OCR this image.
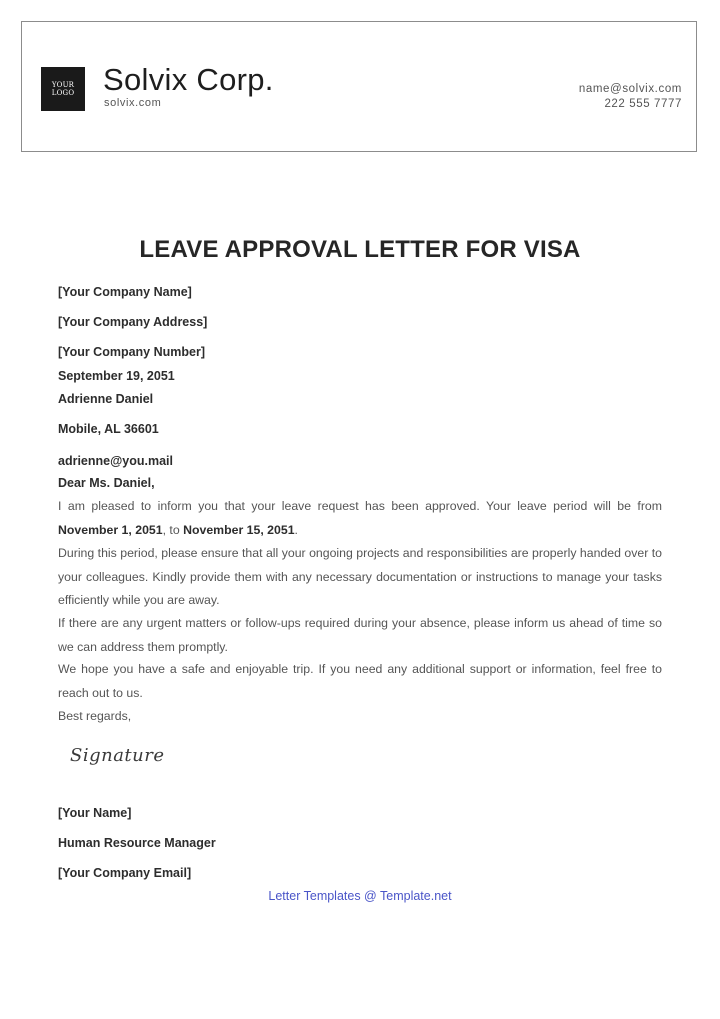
YOUR
LOGO Solvix Corp.
solvix.com
name@solvix.com
222 555 7777
LEAVE APPROVAL LETTER FOR VISA
[Your Company Name]
[Your Company Address]
[Your Company Number]
September 19, 2051
Adrienne Daniel
Mobile, AL 36601
adrienne@you.mail
Dear Ms. Daniel,
I am pleased to inform you that your leave request has been approved. Your leave period will be from November 1, 2051, to November 15, 2051.
During this period, please ensure that all your ongoing projects and responsibilities are properly handed over to your colleagues. Kindly provide them with any necessary documentation or instructions to manage your tasks efficiently while you are away.
If there are any urgent matters or follow-ups required during your absence, please inform us ahead of time so we can address them promptly.
We hope you have a safe and enjoyable trip. If you need any additional support or information, feel free to reach out to us.
Best regards,
Signature
[Your Name]
Human Resource Manager
[Your Company Email]
Letter Templates @ Template.net
